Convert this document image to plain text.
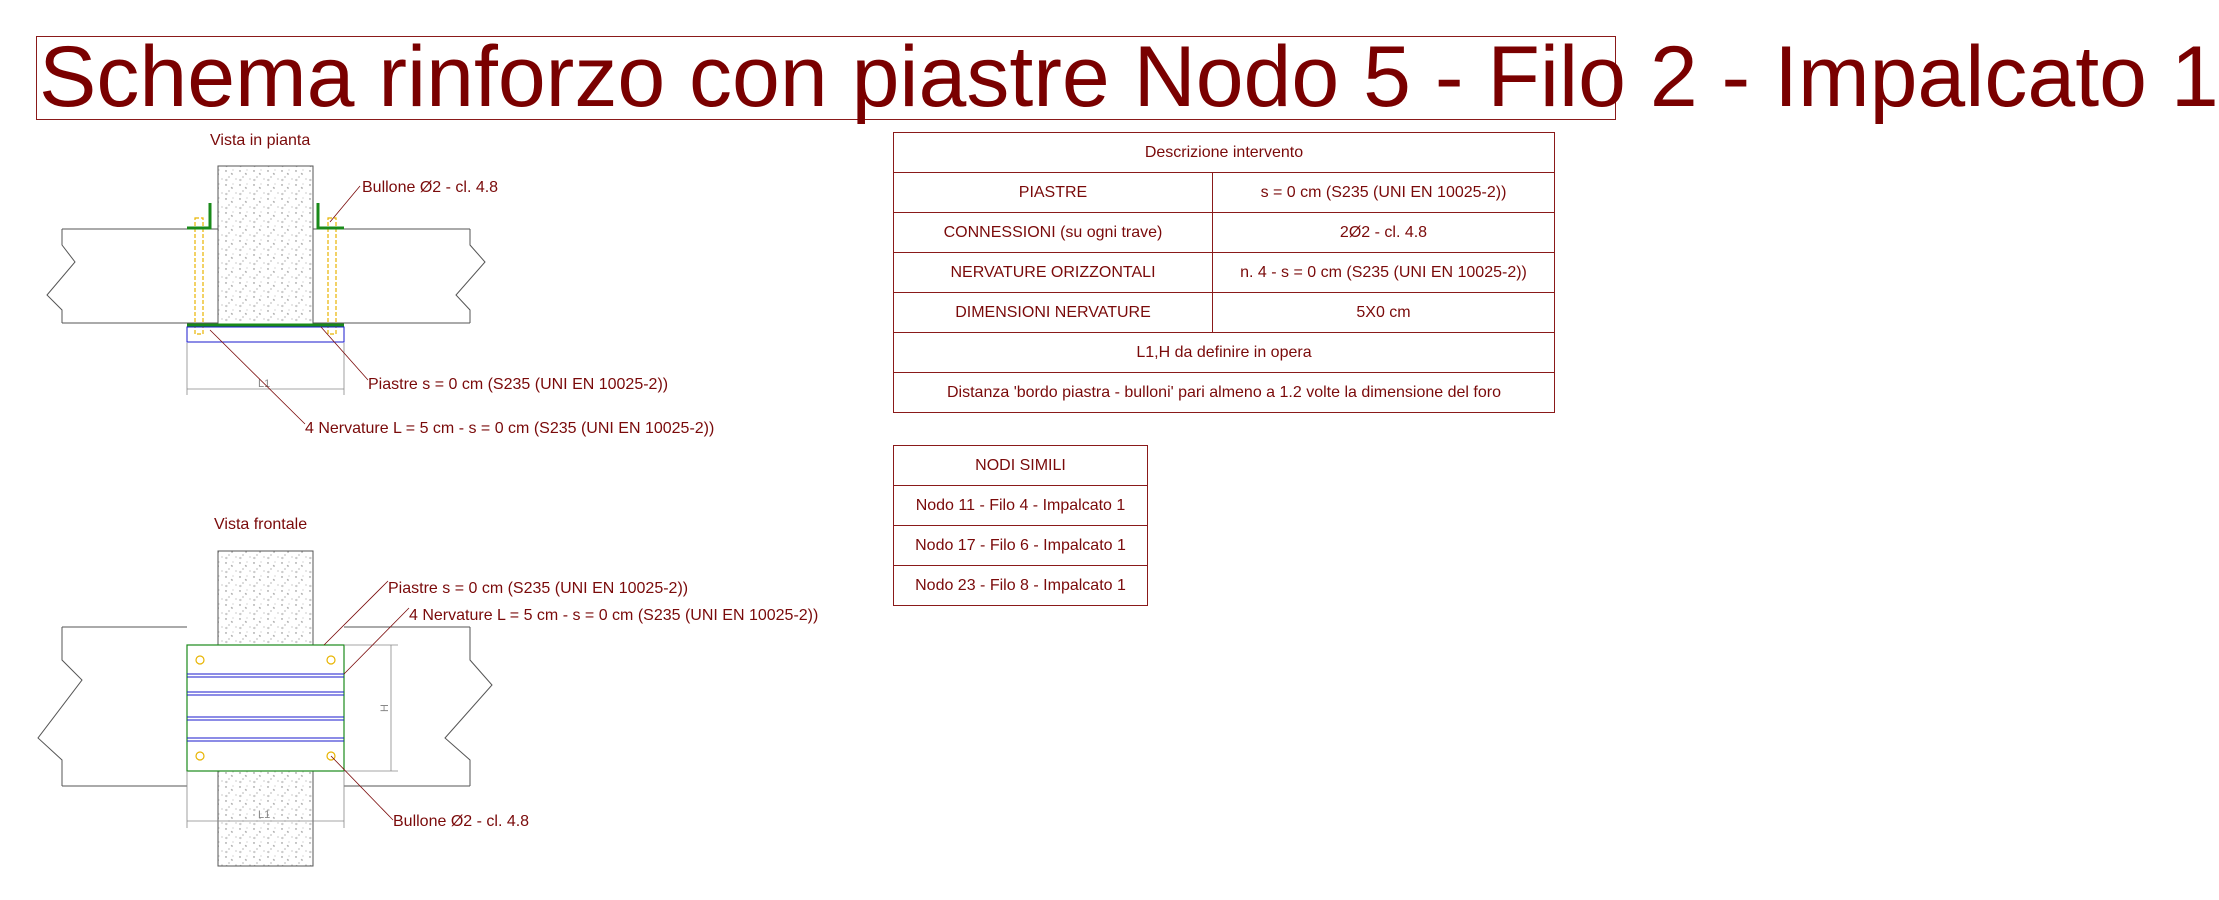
Schema rinforzo con piastre Nodo 5 - Filo 2 - Impalcato 1
Vista in pianta
L1
Bullone Ø2 - cl. 4.8
Piastre s = 0 cm (S235 (UNI EN 10025-2))
4 Nervature L = 5 cm - s = 0 cm (S235 (UNI EN 10025-2))
Vista frontale
H
L1
Piastre s = 0 cm (S235 (UNI EN 10025-2))
4 Nervature L = 5 cm - s = 0 cm (S235 (UNI EN 10025-2))
Bullone Ø2 - cl. 4.8
Descrizione intervento	
PIASTRE	s = 0 cm (S235 (UNI EN 10025-2))
CONNESSIONI (su ogni trave)	2Ø2 - cl. 4.8
NERVATURE ORIZZONTALI	n. 4 - s = 0 cm (S235 (UNI EN 10025-2))
DIMENSIONI NERVATURE	5X0 cm
L1,H da definire in opera	
Distanza 'bordo piastra - bulloni' pari almeno a 1.2 volte la dimensione del foro	
NODI SIMILI
Nodo 11 - Filo 4 - Impalcato 1
Nodo 17 - Filo 6 - Impalcato 1
Nodo 23 - Filo 8 - Impalcato 1
